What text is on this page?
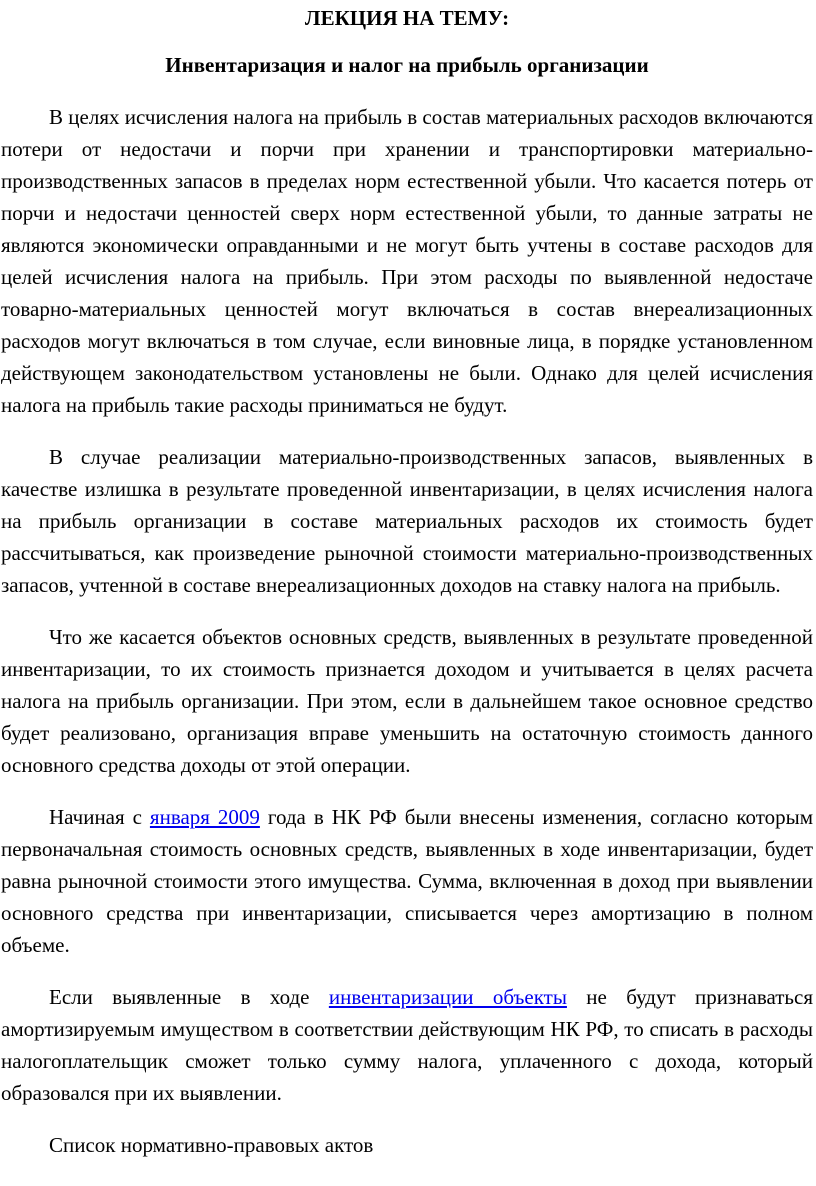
ЛЕКЦИЯ НА ТЕМУ:
Инвентаризация и налог на прибыль организации

В целях исчисления налога на прибыль в состав материальных расходов включаются потери от недостачи и порчи при хранении и транспортировки материально-производственных запасов в пределах норм естественной убыли. Что касается потерь от порчи и недостачи ценностей сверх норм естественной убыли, то данные затраты не являются экономически оправданными и не могут быть учтены в составе расходов для целей исчисления налога на прибыль. При этом расходы по выявленной недостаче товарно-материальных ценностей могут включаться в состав внереализационных расходов могут включаться в том случае, если виновные лица, в порядке установленном действующем законодательством установлены не были. Однако для целей исчисления налога на прибыль такие расходы приниматься не будут.

В случае реализации материально-производственных запасов, выявленных в качестве излишка в результате проведенной инвентаризации, в целях исчисления налога на прибыль организации в составе материальных расходов их стоимость будет рассчитываться, как произведение рыночной стоимости материально-производственных запасов, учтенной в составе внереализационных доходов на ставку налога на прибыль.

Что же касается объектов основных средств, выявленных в результате проведенной инвентаризации, то их стоимость признается доходом и учитывается в целях расчета налога на прибыль организации. При этом, если в дальнейшем такое основное средство будет реализовано, организация вправе уменьшить на остаточную стоимость данного основного средства доходы от этой операции.

Начиная с января 2009 года в НК РФ были внесены изменения, согласно которым первоначальная стоимость основных средств, выявленных в ходе инвентаризации, будет равна рыночной стоимости этого имущества. Сумма, включенная в доход при выявлении основного средства при инвентаризации, списывается через амортизацию в полном объеме.

Если выявленные в ходе инвентаризации объекты не будут признаваться амортизируемым имуществом в соответствии действующим НК РФ, то списать в расходы налогоплательщик сможет только сумму налога, уплаченного с дохода, который образовался при их выявлении.

Список нормативно-правовых актов
